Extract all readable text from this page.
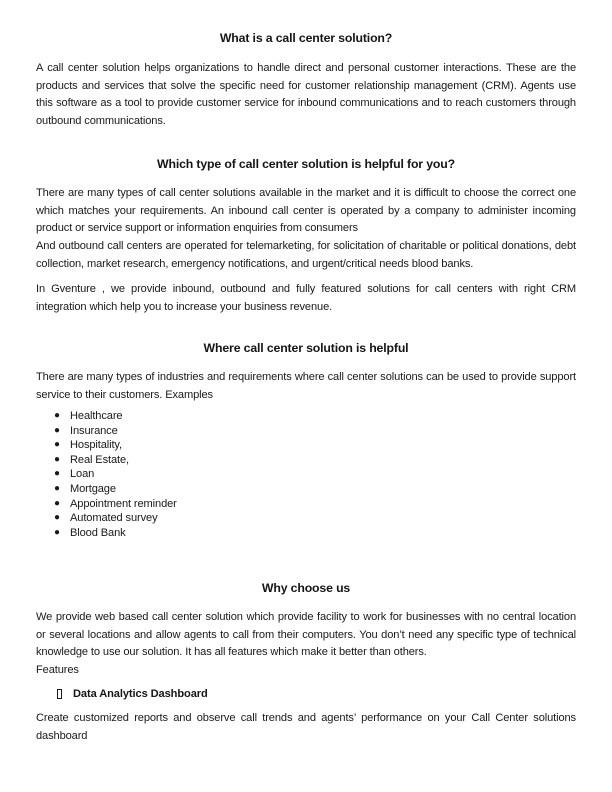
What is a call center solution?

A call center solution helps organizations to handle direct and personal customer interactions. These are the products and services that solve the specific need for customer relationship management (CRM). Agents use this software as a tool to provide customer service for inbound communications and to reach customers through outbound communications.

Which type of call center solution is helpful for you?

There are many types of call center solutions available in the market and it is difficult to choose the correct one which matches your requirements. An inbound call center is operated by a company to administer incoming product or service support or information enquiries from consumers

And outbound call centers are operated for telemarketing, for solicitation of charitable or political donations, debt collection, market research, emergency notifications, and urgent/critical needs blood banks.

In Gventure , we provide inbound, outbound and fully featured solutions for call centers with right CRM integration which help you to increase your business revenue.

Where call center solution is helpful

There are many types of industries and requirements where call center solutions can be used to provide support service to their customers. Examples

● Healthcare
● Insurance
● Hospitality,
● Real Estate,
● Loan
● Mortgage
● Appointment reminder
● Automated survey
● Blood Bank
Why choose us

We provide web based call center solution which provide facility to work for businesses with no central location or several locations and allow agents to call from their computers. You don’t need any specific type of technical knowledge to use our solution. It has all features which make it better than others.

Features

Data Analytics Dashboard

Create customized reports and observe call trends and agents’ performance on your Call Center solutions dashboard
